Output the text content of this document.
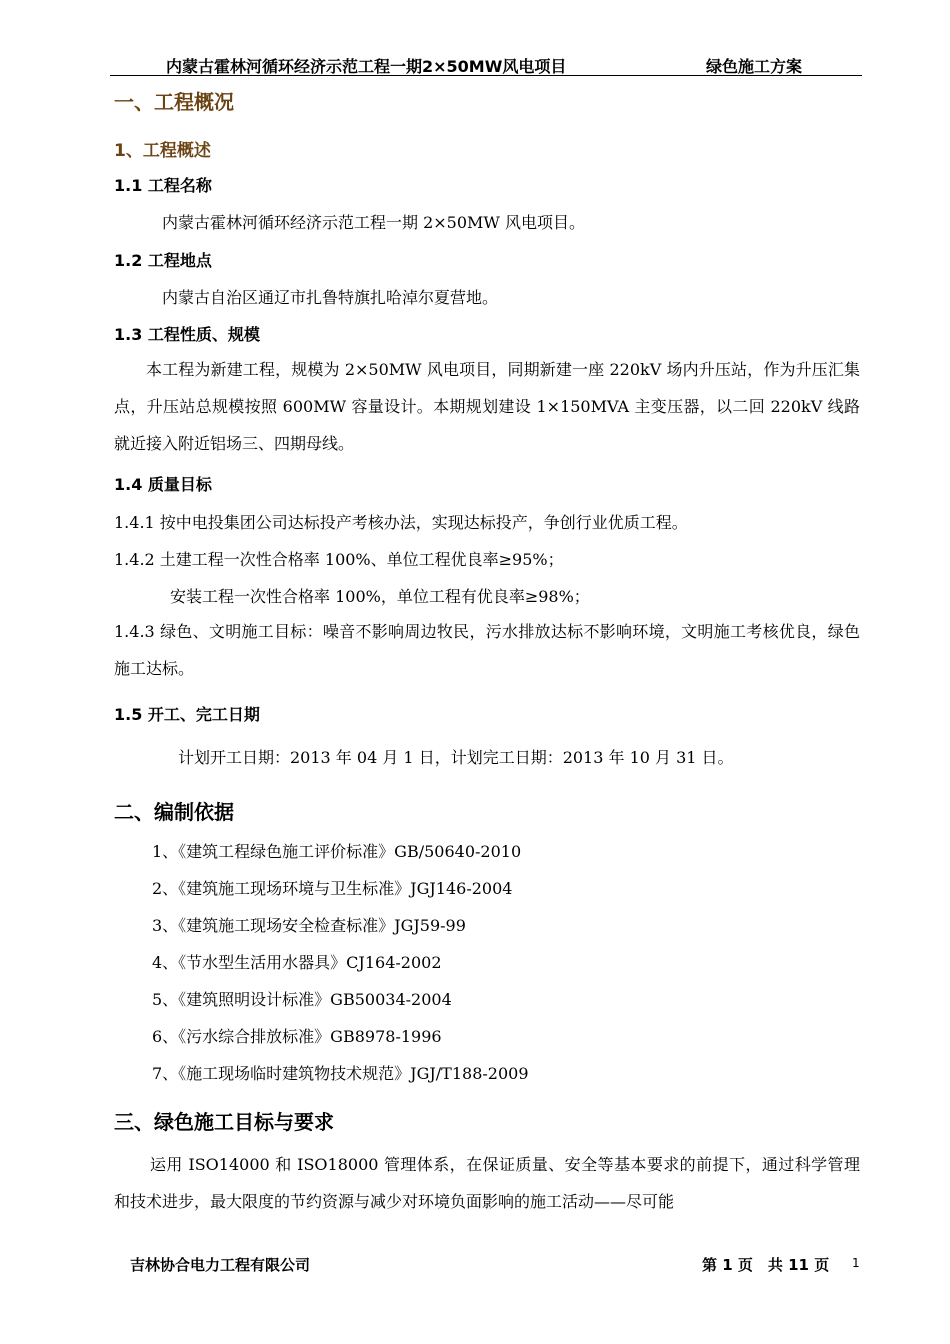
内蒙古霍林河循环经济示范工程一期2×50MW风电项目	绿色施工方案
一、工程概况
1、工程概述
1.1 工程名称
内蒙古霍林河循环经济示范工程一期 2×50MW 风电项目。
1.2 工程地点
内蒙古自治区通辽市扎鲁特旗扎哈淖尔夏营地。
1.3 工程性质、规模
本工程为新建工程，规模为 2×50MW 风电项目，同期新建一座 220kV 场内升压站，作为升压汇集点，升压站总规模按照 600MW 容量设计。本期规划建设 1×150MVA 主变压器，以二回 220kV 线路就近接入附近铝场三、四期母线。
1.4 质量目标
1.4.1 按中电投集团公司达标投产考核办法，实现达标投产，争创行业优质工程。
1.4.2 土建工程一次性合格率 100%、单位工程优良率≥95%；
安装工程一次性合格率 100%，单位工程有优良率≥98%；
1.4.3 绿色、文明施工目标：噪音不影响周边牧民，污水排放达标不影响环境，文明施工考核优良，绿色施工达标。
1.5 开工、完工日期
计划开工日期：2013 年 04 月 1 日，计划完工日期：2013 年 10 月 31 日。
二、编制依据
1、《建筑工程绿色施工评价标准》GB/50640-2010
2、《建筑施工现场环境与卫生标准》JGJ146-2004
3、《建筑施工现场安全检查标准》JGJ59-99
4、《节水型生活用水器具》CJ164-2002
5、《建筑照明设计标准》GB50034-2004
6、《污水综合排放标准》GB8978-1996
7、《施工现场临时建筑物技术规范》JGJ/T188-2009
三、绿色施工目标与要求
运用 ISO14000 和 ISO18000 管理体系，在保证质量、安全等基本要求的前提下，通过科学管理和技术进步，最大限度的节约资源与减少对环境负面影响的施工活动——尽可能
吉林协合电力工程有限公司	第 1 页　共 11 页 1
